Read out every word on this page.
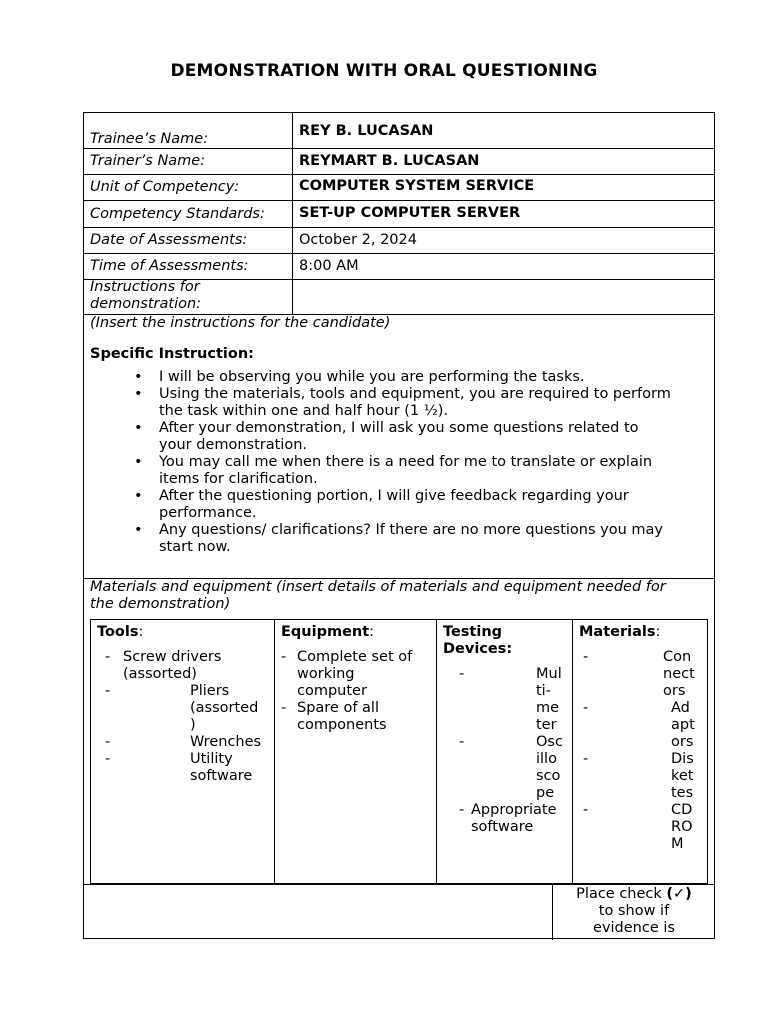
DEMONSTRATION WITH ORAL QUESTIONING
Trainee’s Name:	REY B. LUCASAN
Trainer’s Name:	REYMART B. LUCASAN
Unit of Competency:	COMPUTER SYSTEM SERVICE
Competency Standards: SET-UP COMPUTER SERVER
Date of Assessments:	October 2, 2024
Time of Assessments:	8:00 AM
Instructions for
demonstration:
(Insert the instructions for the candidate)
Specific Instruction:
• I will be observing you while you are performing the tasks.
• Using the materials, tools and equipment, you are required to perform
the task within one and half hour (1 ½).
• After your demonstration, I will ask you some questions related to
your demonstration.
• You may call me when there is a need for me to translate or explain
items for clarification.
• After the questioning portion, I will give feedback regarding your
performance.
• Any questions/ clarifications? If there are no more questions you may
start now.
Materials and equipment (insert details of materials and equipment needed for
the demonstration)
Tools:
- Screw drivers
(assorted)
-	Pliers
(assorted
)
-	Wrenches
-	Utility
software
Equipment:
- Complete set of
working
computer
- Spare of all
components
Testing
Devices:
-	Mul
ti-
me
ter
-	Osc
illo
sco
pe
- Appropriate
software
Materials:
-	Con
nect
ors
-	Ad
apt
ors
-	Dis
ket
tes
-	CD
RO
M
Place check (✓)
to show if
evidence is
